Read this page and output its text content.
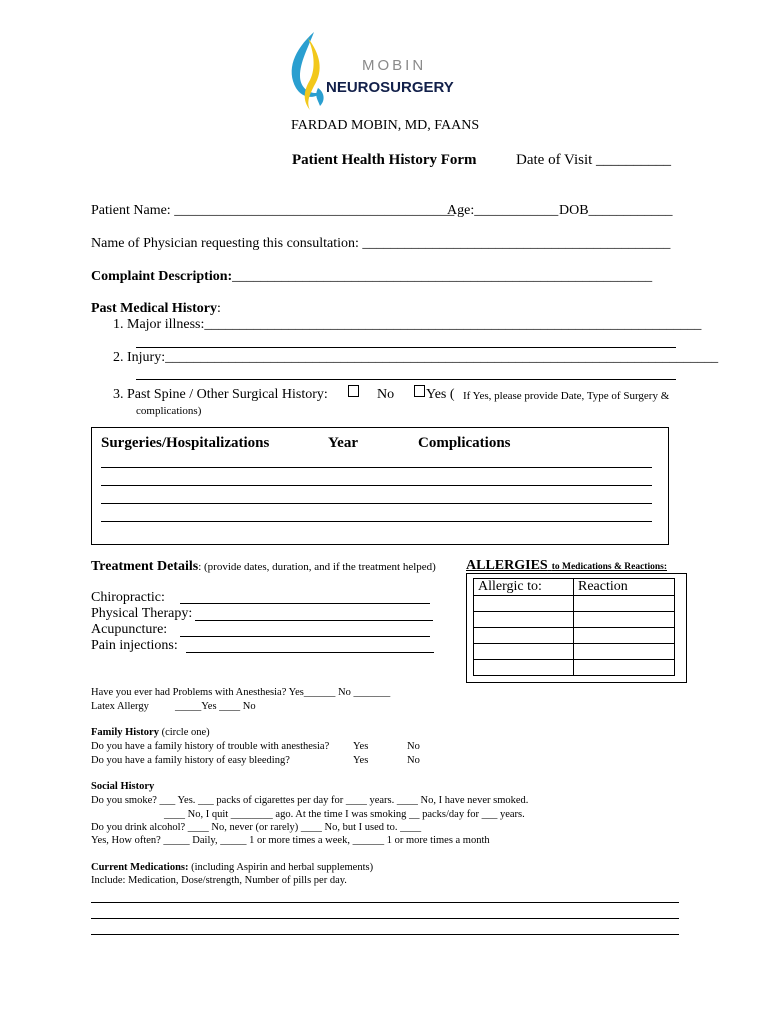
MOBIN
NEUROSURGERY
FARDAD MOBIN, MD, FAANS
Patient Health History Form	Date of Visit __________
Patient Name: ________________________________________
Age:____________ DOB____________
Name of Physician requesting this consultation: ____________________________________________
Complaint Description:____________________________________________________________
Past Medical History:
1. Major illness:_______________________________________________________________________
2. Injury:_______________________________________________________________________________
3. Past Spine / Other Surgical History:	No Yes ( If Yes, please provide Date, Type of Surgery &
complications)
Surgeries/Hospitalizations	Year	Complications
Treatment Details: (provide dates, duration, and if the treatment helped)
Chiropractic:
Physical Therapy:
Acupuncture:
Pain injections:
ALLERGIES to Medications & Reactions:
Allergic to:	Reaction

Have you ever had Problems with Anesthesia? Yes______ No _______
Latex Allergy _____Yes ____ No
Family History (circle one)
Do you have a family history of trouble with anesthesia? Yes	No
Do you have a family history of easy bleeding?	Yes	No
Social History
Do you smoke? ___ Yes. ___ packs of cigarettes per day for ____ years. ____ No, I have never smoked.
____ No, I quit ________ ago. At the time I was smoking __ packs/day for ___ years.
Do you drink alcohol? ____ No, never (or rarely) ____ No, but I used to. ____
Yes, How often? _____ Daily, _____ 1 or more times a week, ______ 1 or more times a month
Current Medications: (including Aspirin and herbal supplements)
Include: Medication, Dose/strength, Number of pills per day.
